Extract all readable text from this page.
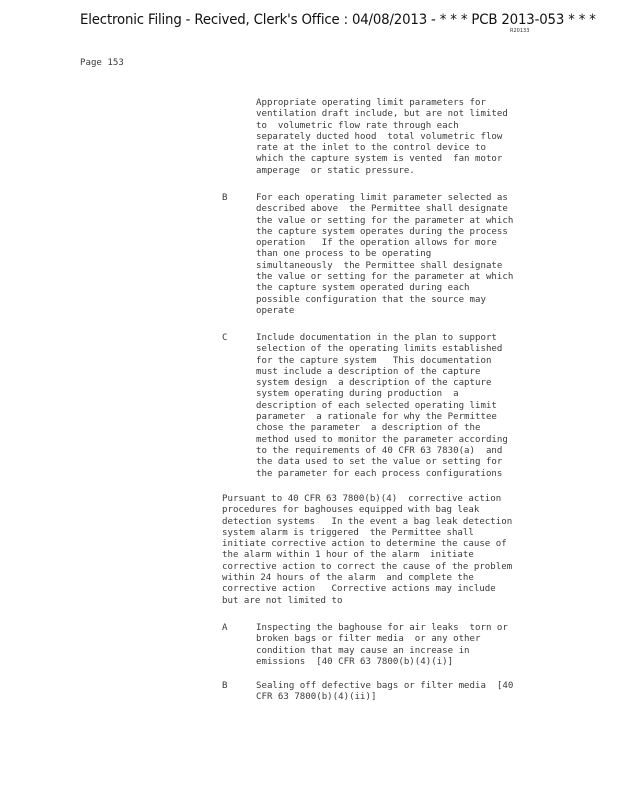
Electronic Filing - Recived, Clerk's Office : 04/08/2013 - * * * PCB 2013-053 * * *
R20133
Page 153
Appropriate operating limit parameters for
ventilation draft include, but are not limited
to  volumetric flow rate through each
separately ducted hood  total volumetric flow
rate at the inlet to the control device to
which the capture system is vented  fan motor
amperage  or static pressure.
B	For each operating limit parameter selected as
described above  the Permittee shall designate
the value or setting for the parameter at which
the capture system operates during the process
operation   If the operation allows for more
than one process to be operating
simultaneously  the Permittee shall designate
the value or setting for the parameter at which
the capture system operated during each
possible configuration that the source may
operate
C	Include documentation in the plan to support
selection of the operating limits established
for the capture system   This documentation
must include a description of the capture
system design  a description of the capture
system operating during production  a
description of each selected operating limit
parameter  a rationale for why the Permittee
chose the parameter  a description of the
method used to monitor the parameter according
to the requirements of 40 CFR 63 7830(a)  and
the data used to set the value or setting for
the parameter for each process configurations
Pursuant to 40 CFR 63 7800(b)(4)  corrective action
procedures for baghouses equipped with bag leak
detection systems   In the event a bag leak detection
system alarm is triggered  the Permittee shall
initiate corrective action to determine the cause of
the alarm within 1 hour of the alarm  initiate
corrective action to correct the cause of the problem
within 24 hours of the alarm  and complete the
corrective action   Corrective actions may include
but are not limited to
A	Inspecting the baghouse for air leaks  torn or
broken bags or filter media  or any other
condition that may cause an increase in
emissions  [40 CFR 63 7800(b)(4)(i)]
B	Sealing off defective bags or filter media  [40
CFR 63 7800(b)(4)(ii)]
